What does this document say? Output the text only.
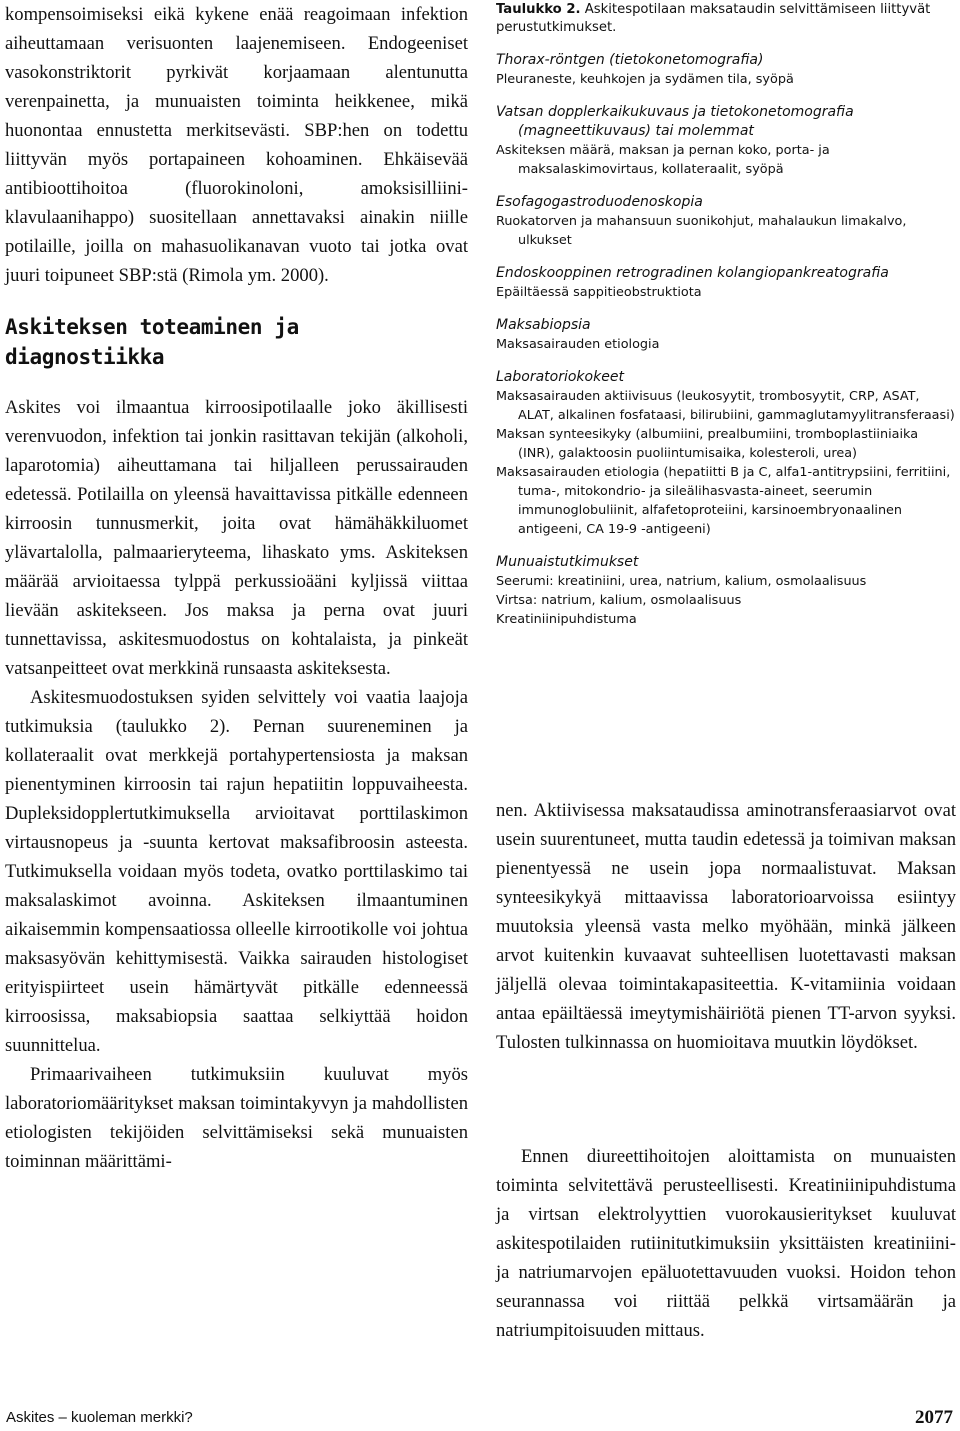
kompensoimiseksi eikä kykene enää reagoimaan infektion aiheuttamaan verisuonten laajenemiseen. Endogeeniset vasokonstriktorit pyrkivät korjaamaan alentunutta verenpainetta, ja munuaisten toiminta heikkenee, mikä huonontaa ennustetta merkitsevästi. SBP:hen on todettu liittyvän myös portapaineen kohoaminen. Ehkäisevää antibioottihoitoa (fluorokinoloni, amoksisilliini-klavulaanihappo) suositellaan annettavaksi ainakin niille potilaille, joilla on mahasuolikanavan vuoto tai jotka ovat juuri toipuneet SBP:stä (Rimola ym. 2000).

Askiteksen toteaminen ja diagnostiikka

Askites voi ilmaantua kirroosipotilaalle joko äkillisesti verenvuodon, infektion tai jonkin rasittavan tekijän (alkoholi, laparotomia) aiheuttamana tai hiljalleen perussairauden edetessä. Potilailla on yleensä havaittavissa pitkälle edenneen kirroosin tunnusmerkit, joita ovat hämähäkkiluomet ylävartalolla, palmaarieryteema, lihaskato yms. Askiteksen määrää arvioitaessa tylppä perkussioääni kyljissä viittaa lievään askitekseen. Jos maksa ja perna ovat juuri tunnettavissa, askitesmuodostus on kohtalaista, ja pinkeät vatsanpeitteet ovat merkkinä runsaasta askiteksesta.

Askitesmuodostuksen syiden selvittely voi vaatia laajoja tutkimuksia (taulukko 2). Pernan suureneminen ja kollateraalit ovat merkkejä portahypertensiosta ja maksan pienentyminen kirroosin tai rajun hepatiitin loppuvaiheesta. Dupleksidopplertutkimuksella arvioitavat porttilaskimon virtausnopeus ja -suunta kertovat maksafibroosin asteesta. Tutkimuksella voidaan myös todeta, ovatko porttilaskimo tai maksalaskimot avoinna. Askiteksen ilmaantuminen aikaisemmin kompensaatiossa olleelle kirrootikolle voi johtua maksasyövän kehittymisestä. Vaikka sairauden histologiset erityispiirteet usein hämärtyvät pitkälle edenneessä kirroosissa, maksabiopsia saattaa selkiyttää hoidon suunnittelua.

Primaarivaiheen tutkimuksiin kuuluvat myös laboratoriomääritykset maksan toimintakyvyn ja mahdollisten etiologisten tekijöiden selvittämiseksi sekä munuaisten toiminnan määrittämi-

Taulukko 2. Askitespotilaan maksataudin selvittämiseen liittyvät perustutkimukset.

Thorax-röntgen (tietokonetomografia)
Pleuraneste, keuhkojen ja sydämen tila, syöpä
Vatsan dopplerkaikukuvaus ja tietokonetomografia (magneettikuvaus) tai molemmat
Askiteksen määrä, maksan ja pernan koko, porta- ja maksalaskimovirtaus, kollateraalit, syöpä
Esofagogastroduodenoskopia
Ruokatorven ja mahansuun suonikohjut, mahalaukun limakalvo, ulkukset
Endoskooppinen retrogradinen kolangiopankreatografia
Epäiltäessä sappitieobstruktiota
Maksabiopsia
Maksasairauden etiologia
Laboratoriokokeet
Maksasairauden aktiivisuus (leukosyytit, trombosyytit, CRP, ASAT, ALAT, alkalinen fosfataasi, bilirubiini, gammaglutamyylitransferaasi)
Maksan synteesikyky (albumiini, prealbumiini, tromboplastiiniaika (INR), galaktoosin puoliintumisaika, kolesteroli, urea)
Maksasairauden etiologia (hepatiitti B ja C, alfa1-antitrypsiini, ferritiini, tuma-, mitokondrio- ja sileälihasvasta-aineet, seerumin immunoglobuliinit, alfafetoproteiini, karsinoembryonaalinen antigeeni, CA 19-9 -antigeeni)
Munuaistutkimukset
Seerumi: kreatiniini, urea, natrium, kalium, osmolaalisuus
Virtsa: natrium, kalium, osmolaalisuus
Kreatiniinipuhdistuma

nen. Aktiivisessa maksataudissa aminotransferaasiarvot ovat usein suurentuneet, mutta taudin edetessä ja toimivan maksan pienentyessä ne usein jopa normaalistuvat. Maksan synteesikykyä mittaavissa laboratorioarvoissa esiintyy muutoksia yleensä vasta melko myöhään, minkä jälkeen arvot kuitenkin kuvaavat suhteellisen luotettavasti maksan jäljellä olevaa toimintakapasiteettia. K-vitamiinia voidaan antaa epäiltäessä imeytymishäiriötä pienen TT-arvon syyksi. Tulosten tulkinnassa on huomioitava muutkin löydökset.

Ennen diureettihoitojen aloittamista on munuaisten toiminta selvitettävä perusteellisesti. Kreatiniinipuhdistuma ja virtsan elektrolyyttien vuorokausieritykset kuuluvat askitespotilaiden rutiinitutkimuksiin yksittäisten kreatiniini- ja natriumarvojen epäluotettavuuden vuoksi. Hoidon tehon seurannassa voi riittää pelkkä virtsamäärän ja natriumpitoisuuden mittaus.

Askites – kuoleman merkki?	2077
